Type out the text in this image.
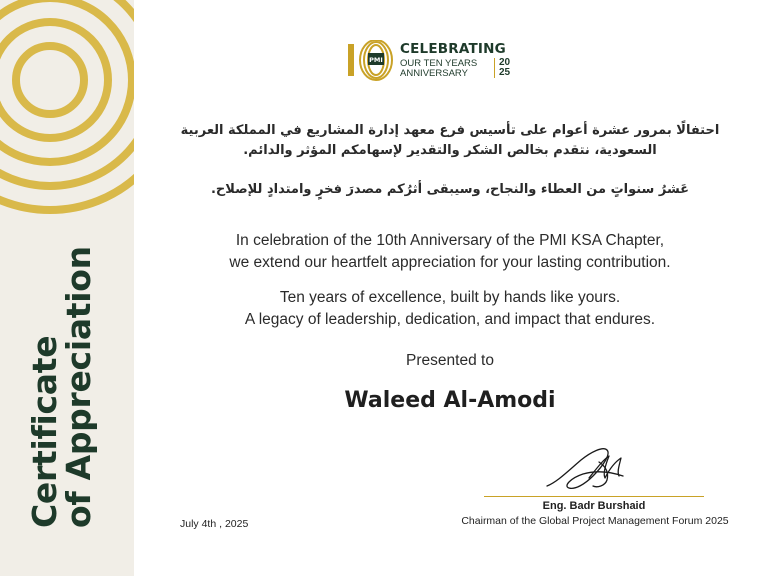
Certificate
of Appreciation
PMI
CELEBRATING
OUR TEN YEARS
ANNIVERSARY
20
25
احتفالًا بمرور عشرة أعوام على تأسيس فرع معهد إدارة المشاريع في المملكة العربية السعودية، نتقدم بخالص الشكر والتقدير لإسهامكم المؤثر والدائم.
عَشرُ سنواتٍ من العطاء والنجاح، وسيبقى أثرُكم مصدرَ فخرٍ وامتدادٍ للإصلاح.
In celebration of the 10th Anniversary of the PMI KSA Chapter,
we extend our heartfelt appreciation for your lasting contribution.
Ten years of excellence, built by hands like yours.
A legacy of leadership, dedication, and impact that endures.
Presented to
Waleed Al-Amodi
Eng. Badr Burshaid
Chairman of the Global Project Management Forum 2025
July 4th , 2025
